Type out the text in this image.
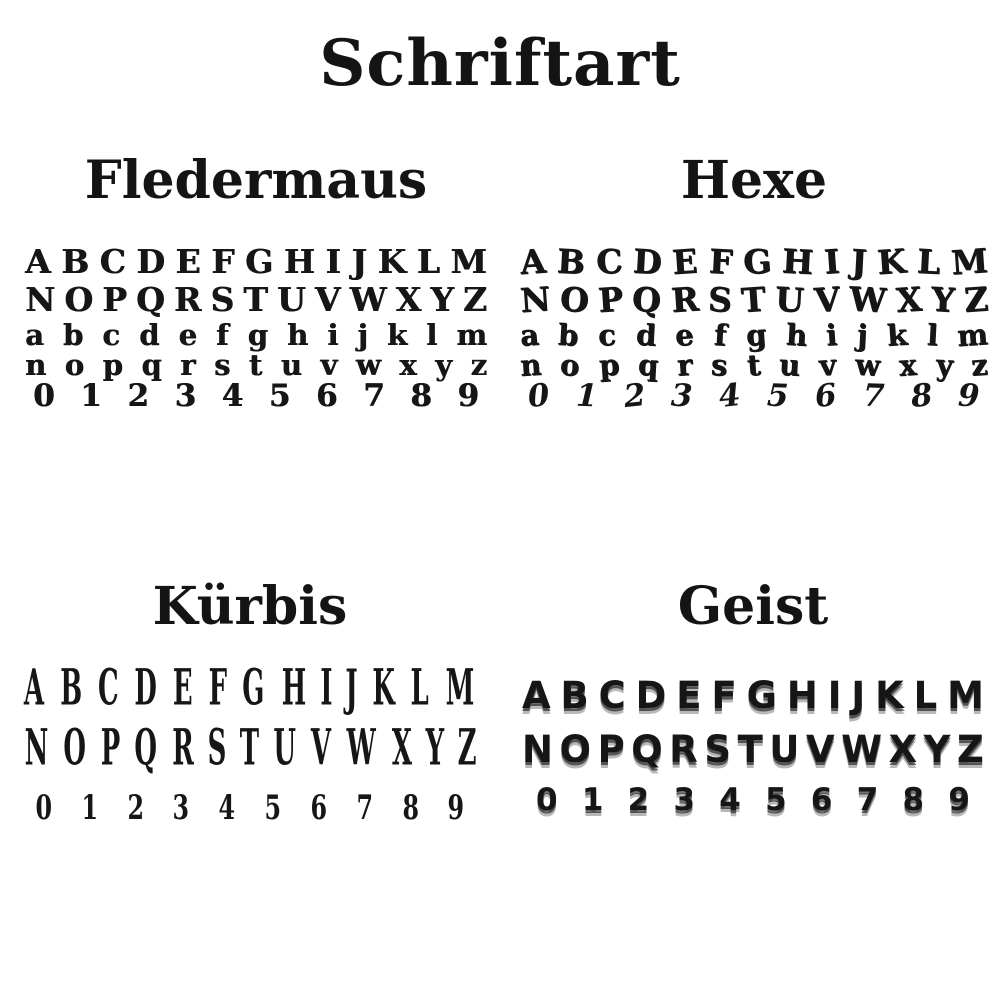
Schriftart
Fledermaus
A B C D E F G H I J K L M
N O P Q R S T U V W X Y Z
a b c d e f g h i j k l m
n o p q r s t u v w x y z
0 1 2 3 4 5 6 7 8 9
Hexe
A B C D E F G H I J K L M
N O P Q R S T U V W X Y Z
a b c d e f g h i j k l m
n o p q r s t u v w x y z
0 1 2 3 4 5 6 7 8 9
Kürbis
A B C D E F G H I J K L M
N O P Q R S T U V W X Y Z
0 1 2 3 4 5 6 7 8 9
Geist
A B C D E F G H I J K L M
N O P Q R S T U V W X Y Z
0 1 2 3 4 5 6 7 8 9
